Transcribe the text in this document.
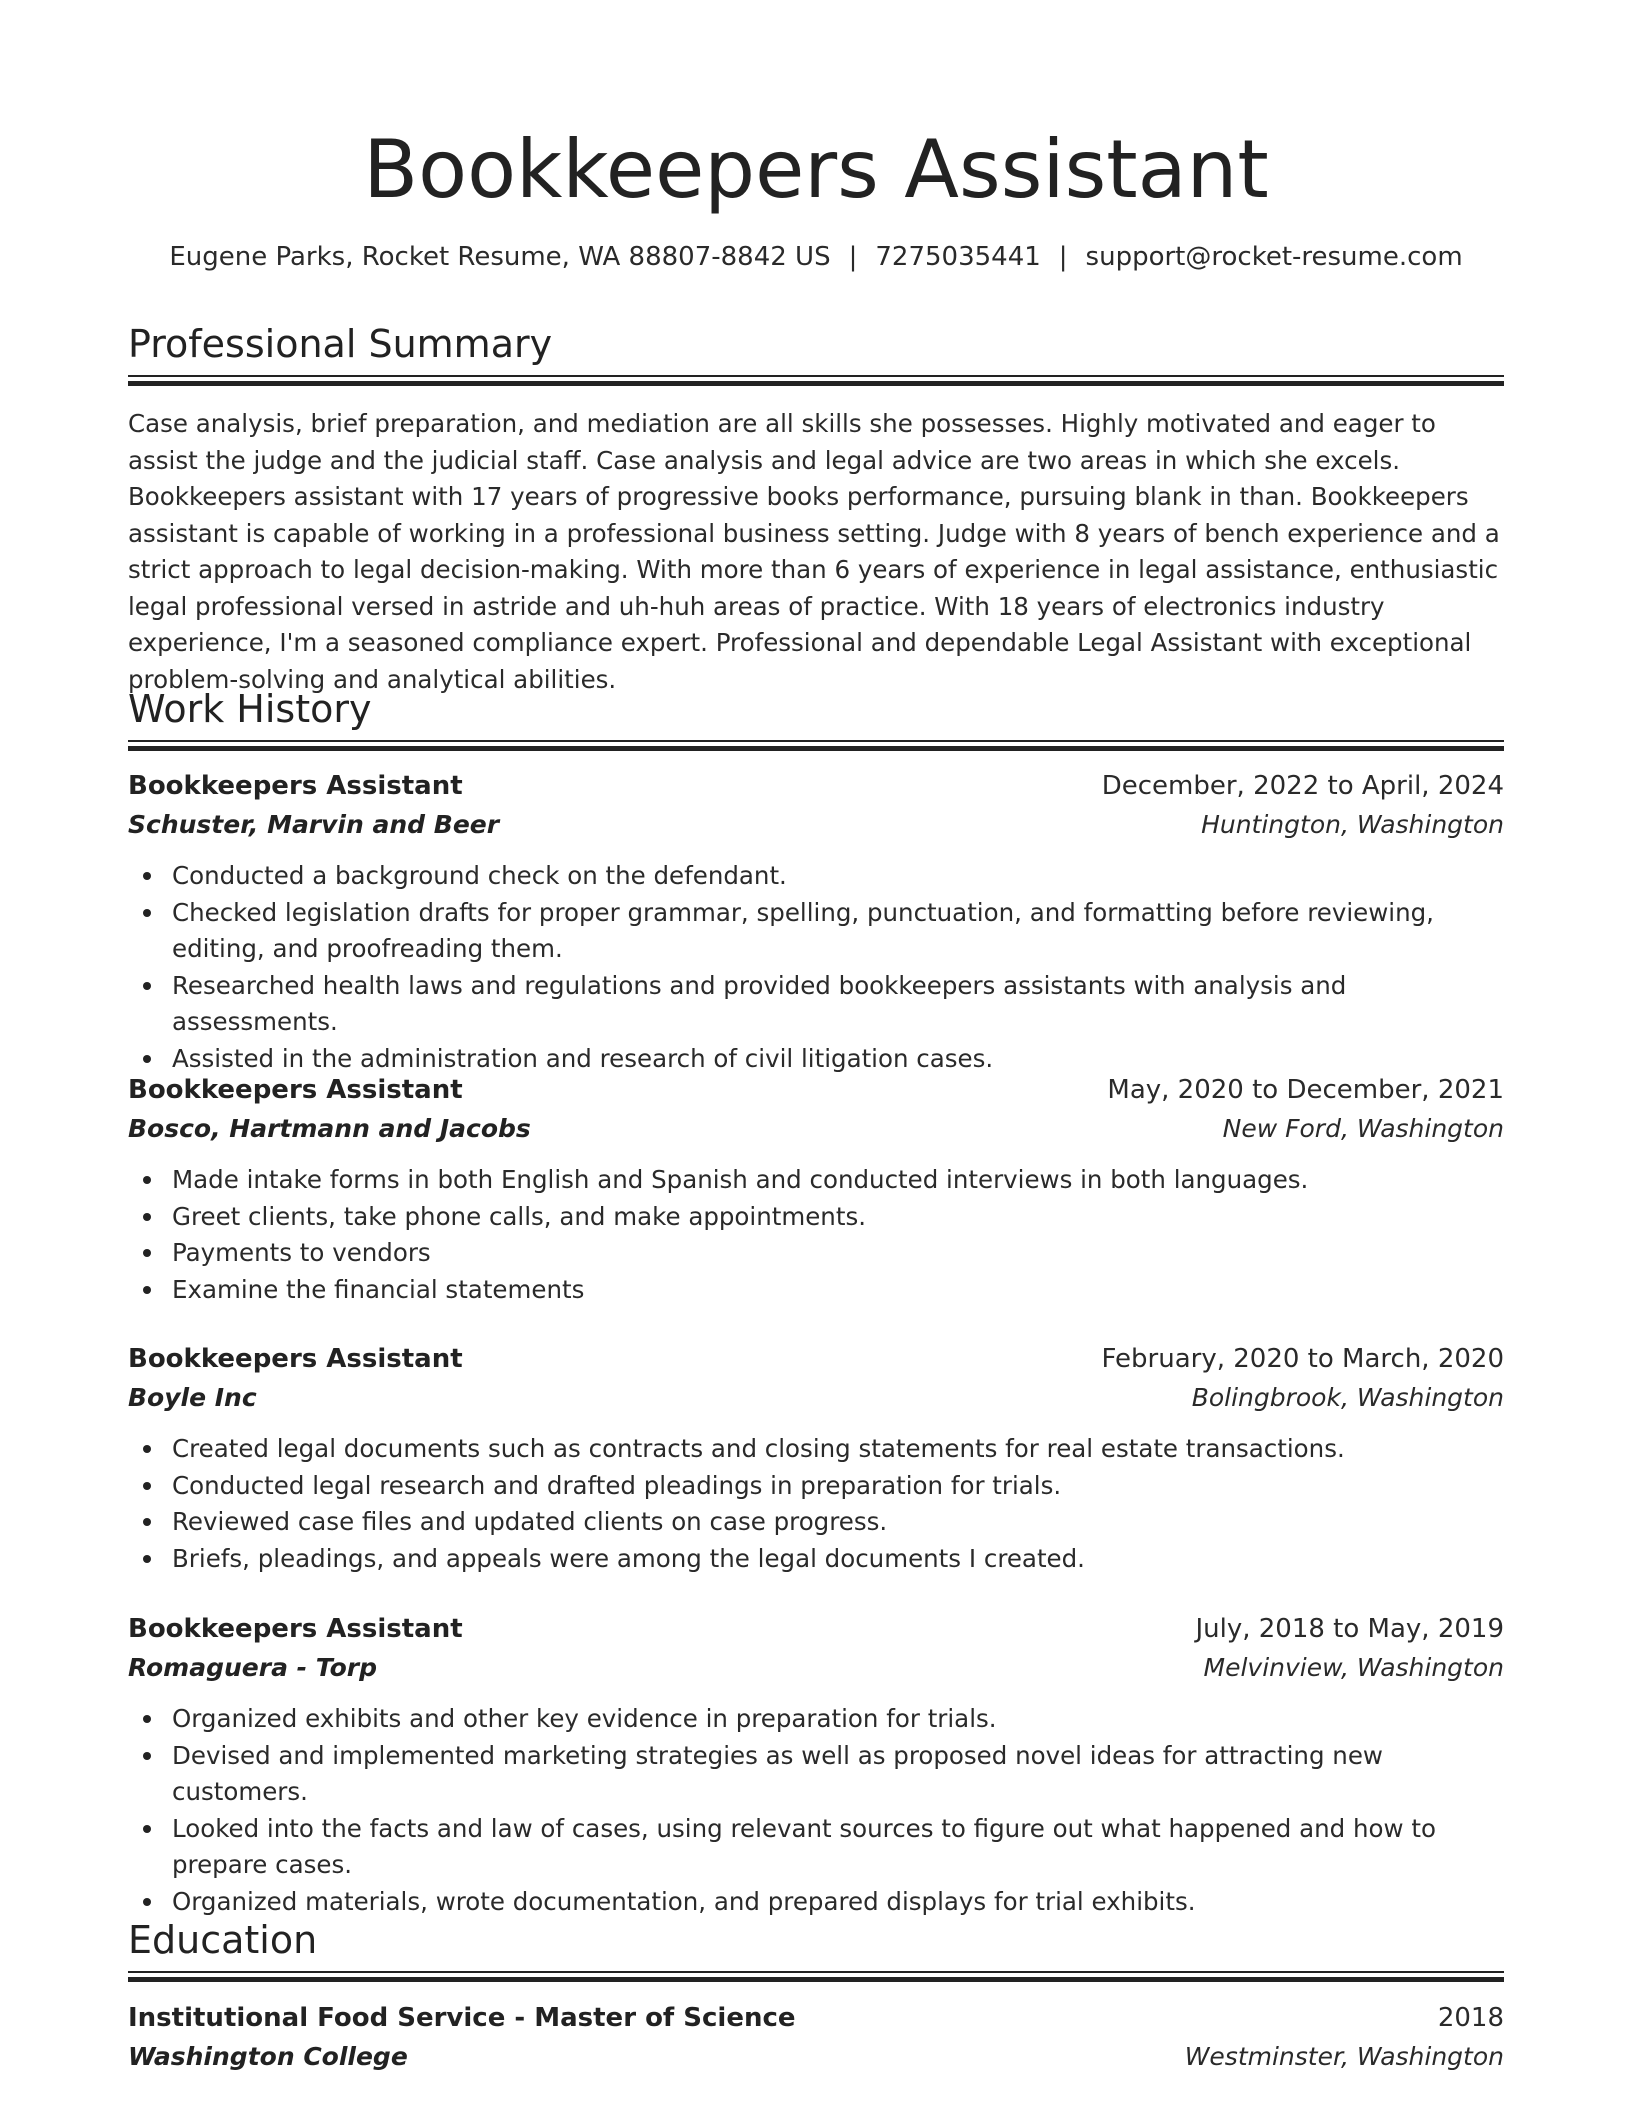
Bookkeepers Assistant
Eugene Parks, Rocket Resume, WA 88807-8842 US | 7275035441 | support@rocket-resume.com
Professional Summary

Case analysis, brief preparation, and mediation are all skills she possesses. Highly motivated and eager to assist the judge and the judicial staff. Case analysis and legal advice are two areas in which she excels. Bookkeepers assistant with 17 years of progressive books performance, pursuing blank in than. Bookkeepers assistant is capable of working in a professional business setting. Judge with 8 years of bench experience and a strict approach to legal decision-making. With more than 6 years of experience in legal assistance, enthusiastic legal professional versed in astride and uh-huh areas of practice. With 18 years of electronics industry experience, I'm a seasoned compliance expert. Professional and dependable Legal Assistant with exceptional problem-solving and analytical abilities.

Work History
Bookkeepers Assistant	December, 2022 to April, 2024
Schuster, Marvin and Beer	Huntington, Washington
Conducted a background check on the defendant.
Checked legislation drafts for proper grammar, spelling, punctuation, and formatting before reviewing, editing, and proofreading them.
Researched health laws and regulations and provided bookkeepers assistants with analysis and assessments.
Assisted in the administration and research of civil litigation cases.
Bookkeepers Assistant	May, 2020 to December, 2021
Bosco, Hartmann and Jacobs	New Ford, Washington
Made intake forms in both English and Spanish and conducted interviews in both languages.
Greet clients, take phone calls, and make appointments.
Payments to vendors
Examine the financial statements
Bookkeepers Assistant	February, 2020 to March, 2020
Boyle Inc	Bolingbrook, Washington
Created legal documents such as contracts and closing statements for real estate transactions.
Conducted legal research and drafted pleadings in preparation for trials.
Reviewed case files and updated clients on case progress.
Briefs, pleadings, and appeals were among the legal documents I created.
Bookkeepers Assistant	July, 2018 to May, 2019
Romaguera - Torp	Melvinview, Washington
Organized exhibits and other key evidence in preparation for trials.
Devised and implemented marketing strategies as well as proposed novel ideas for attracting new customers.
Looked into the facts and law of cases, using relevant sources to figure out what happened and how to prepare cases.
Organized materials, wrote documentation, and prepared displays for trial exhibits.
Education
Institutional Food Service - Master of Science	2018
Washington College	Westminster, Washington
